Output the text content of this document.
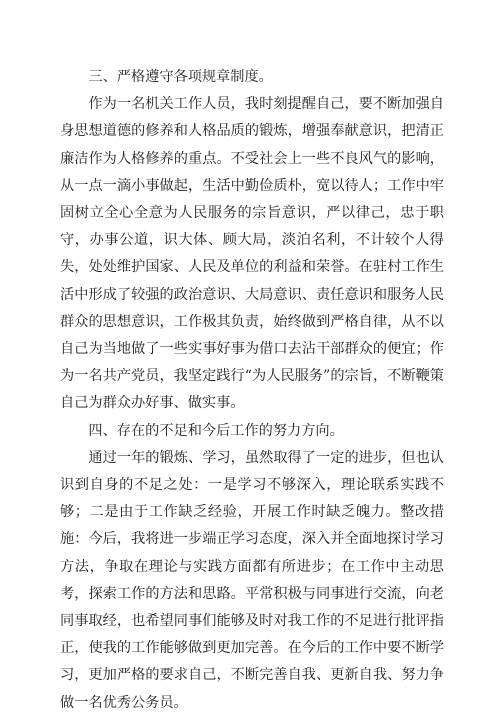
三、严格遵守各项规章制度。

作为一名机关工作人员，我时刻提醒自己，要不断加强自身思想道德的修养和人格品质的锻炼，增强奉献意识，把清正廉洁作为人格修养的重点。不受社会上一些不良风气的影响，从一点一滴小事做起，生活中勤俭质朴，宽以待人；工作中牢固树立全心全意为人民服务的宗旨意识，严以律己，忠于职守，办事公道，识大体、顾大局，淡泊名利，不计较个人得失，处处维护国家、人民及单位的利益和荣誉。在驻村工作生活中形成了较强的政治意识、大局意识、责任意识和服务人民群众的思想意识，工作极其负责，始终做到严格自律，从不以自己为当地做了一些实事好事为借口去沾干部群众的便宜；作为一名共产党员，我坚定践行“为人民服务”的宗旨，不断鞭策自己为群众办好事、做实事。

四、存在的不足和今后工作的努力方向。

通过一年的锻炼、学习，虽然取得了一定的进步，但也认识到自身的不足之处：一是学习不够深入，理论联系实践不够；二是由于工作缺乏经验，开展工作时缺乏魄力。整改措施：今后，我将进一步端正学习态度，深入并全面地探讨学习方法，争取在理论与实践方面都有所进步；在工作中主动思考，探索工作的方法和思路。平常积极与同事进行交流，向老同事取经，也希望同事们能够及时对我工作的不足进行批评指正，使我的工作能够做到更加完善。在今后的工作中要不断学习，更加严格的要求自己，不断完善自我、更新自我、努力争做一名优秀公务员。
